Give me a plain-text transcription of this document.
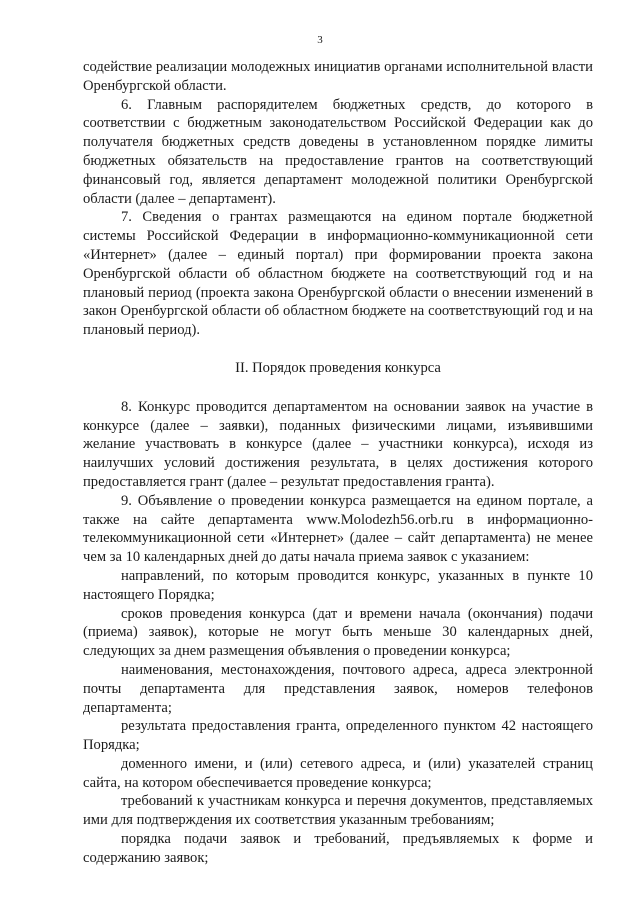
3

содействие реализации молодежных инициатив органами исполнительной власти Оренбургской области.

6. Главным распорядителем бюджетных средств, до которого в соответствии с бюджетным законодательством Российской Федерации как до получателя бюджетных средств доведены в установленном порядке лимиты бюджетных обязательств на предоставление грантов на соответствующий финансовый год, является департамент молодежной политики Оренбургской области (далее – департамент).

7. Сведения о грантах размещаются на едином портале бюджетной системы Российской Федерации в информационно-коммуникационной сети «Интернет» (далее – единый портал) при формировании проекта закона Оренбургской области об областном бюджете на соответствующий год и на плановый период (проекта закона Оренбургской области о внесении изменений в закон Оренбургской области об областном бюджете на соответствующий год и на плановый период).

II. Порядок проведения конкурса

8. Конкурс проводится департаментом на основании заявок на участие в конкурсе (далее – заявки), поданных физическими лицами, изъявившими желание участвовать в конкурсе (далее – участники конкурса), исходя из наилучших условий достижения результата, в целях достижения которого предоставляется грант (далее – результат предоставления гранта).

9. Объявление о проведении конкурса размещается на едином портале, а также на сайте департамента www.Molodezh56.orb.ru в информационно-телекоммуникационной сети «Интернет» (далее – сайт департамента) не менее чем за 10 календарных дней до даты начала приема заявок с указанием:

направлений, по которым проводится конкурс, указанных в пункте 10 настоящего Порядка;

сроков проведения конкурса (дат и времени начала (окончания) подачи (приема) заявок), которые не могут быть меньше 30 календарных дней, следующих за днем размещения объявления о проведении конкурса;

наименования, местонахождения, почтового адреса, адреса электронной почты департамента для представления заявок, номеров телефонов департамента;

результата предоставления гранта, определенного пунктом 42 настоящего Порядка;

доменного имени, и (или) сетевого адреса, и (или) указателей страниц сайта, на котором обеспечивается проведение конкурса;

требований к участникам конкурса и перечня документов, представляемых ими для подтверждения их соответствия указанным требованиям;

порядка подачи заявок и требований, предъявляемых к форме и содержанию заявок;
